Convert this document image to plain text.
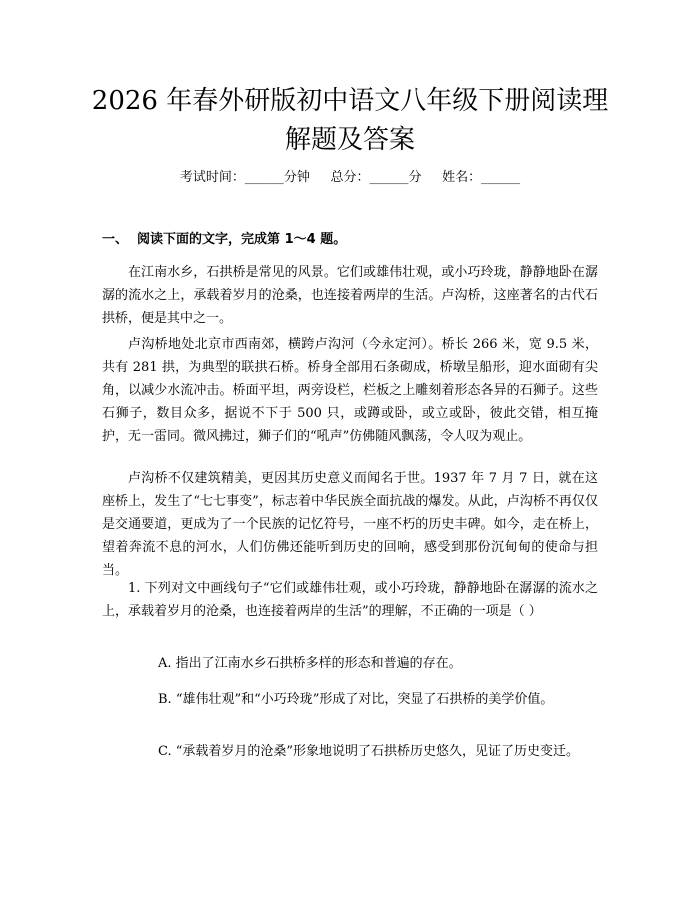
2026 年春外研版初中语文八年级下册阅读理
解题及答案
考试时间：______分钟     总分：______分     姓名：______
一、  阅读下面的文字，完成第 1～4 题。
在江南水乡，石拱桥是常见的风景。它们或雄伟壮观，或小巧玲珑，静静地卧在潺潺的流水之上，承载着岁月的沧桑，也连接着两岸的生活。卢沟桥，这座著名的古代石拱桥，便是其中之一。
卢沟桥地处北京市西南郊，横跨卢沟河（今永定河）。桥长 266 米，宽 9.5 米，共有 281 拱，为典型的联拱石桥。桥身全部用石条砌成，桥墩呈船形，迎水面砌有尖角，以减少水流冲击。桥面平坦，两旁设栏，栏板之上雕刻着形态各异的石狮子。这些石狮子，数目众多，据说不下于 500 只，或蹲或卧，或立或卧，彼此交错，相互掩护，无一雷同。微风拂过，狮子们的“吼声”仿佛随风飘荡，令人叹为观止。
卢沟桥不仅建筑精美，更因其历史意义而闻名于世。1937 年 7 月 7 日，就在这座桥上，发生了“七七事变”，标志着中华民族全面抗战的爆发。从此，卢沟桥不再仅仅是交通要道，更成为了一个民族的记忆符号，一座不朽的历史丰碑。如今，走在桥上，望着奔流不息的河水，人们仿佛还能听到历史的回响，感受到那份沉甸甸的使命与担当。
1. 下列对文中画线句子“它们或雄伟壮观，或小巧玲珑，静静地卧在潺潺的流水之上，承载着岁月的沧桑，也连接着两岸的生活”的理解，不正确的一项是（ ）
A. 指出了江南水乡石拱桥多样的形态和普遍的存在。
B. “雄伟壮观”和“小巧玲珑”形成了对比，突显了石拱桥的美学价值。
C. “承载着岁月的沧桑”形象地说明了石拱桥历史悠久，见证了历史变迁。
